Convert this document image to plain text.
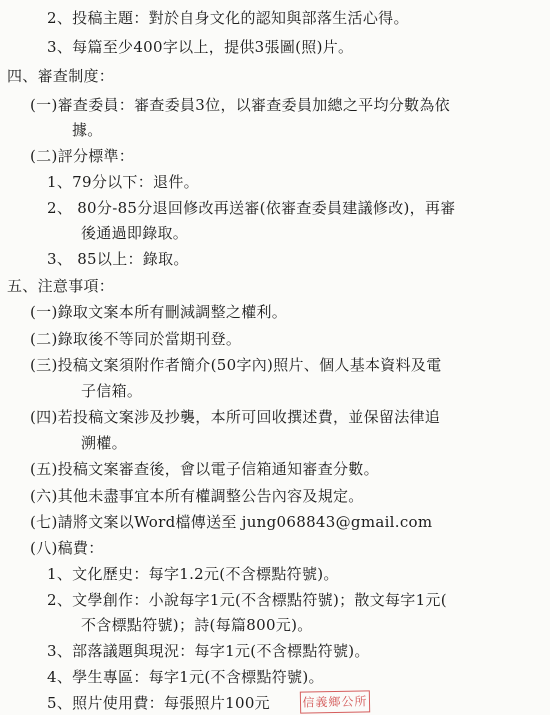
2、投稿主題：對於自身文化的認知與部落生活心得。
3、每篇至少400字以上，提供3張圖(照)片。
四、審查制度：
(一)審查委員：審查委員3位，以審查委員加總之平均分數為依
據。
(二)評分標準：
1、79分以下：退件。
2、 80分-85分退回修改再送審(依審查委員建議修改)，再審
後通過即錄取。
3、 85以上：錄取。
五、注意事項：
(一)錄取文案本所有刪減調整之權利。
(二)錄取後不等同於當期刊登。
(三)投稿文案須附作者簡介(50字內)照片、個人基本資料及電
子信箱。
(四)若投稿文案涉及抄襲，本所可回收撰述費，並保留法律追
溯權。
(五)投稿文案審查後，會以電子信箱通知審查分數。
(六)其他未盡事宜本所有權調整公告內容及規定。
(七)請將文案以Word檔傳送至 jung068843@gmail.com
(八)稿費：
1、文化歷史：每字1.2元(不含標點符號)。
2、文學創作：小說每字1元(不含標點符號)；散文每字1元(
不含標點符號)；詩(每篇800元)。
3、部落議題與現況：每字1元(不含標點符號)。
4、學生專區：每字1元(不含標點符號)。
5、照片使用費：每張照片100元	信義鄉公所
